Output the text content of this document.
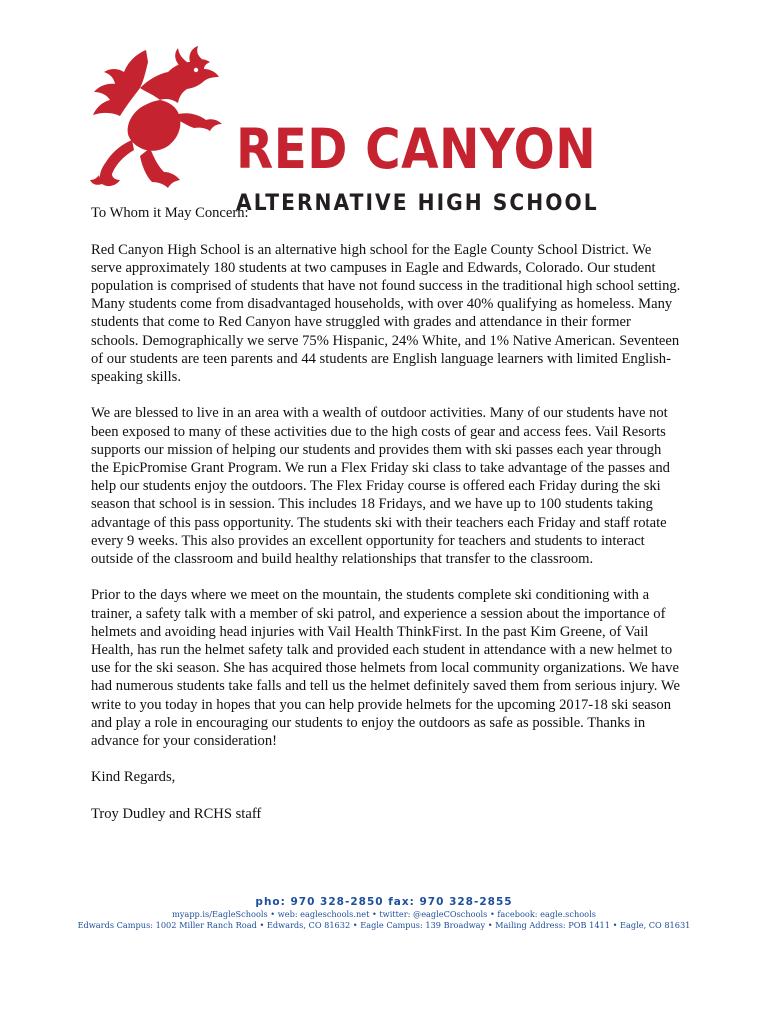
RED CANYON
ALTERNATIVE HIGH SCHOOL

To Whom it May Concern:

Red Canyon High School is an alternative high school for the Eagle County School District. We serve approximately 180 students at two campuses in Eagle and Edwards, Colorado. Our student population is comprised of students that have not found success in the traditional high school setting. Many students come from disadvantaged households, with over 40% qualifying as homeless. Many students that come to Red Canyon have struggled with grades and attendance in their former schools. Demographically we serve 75% Hispanic, 24% White, and 1% Native American. Seventeen of our students are teen parents and 44 students are English language learners with limited English-speaking skills.

We are blessed to live in an area with a wealth of outdoor activities. Many of our students have not been exposed to many of these activities due to the high costs of gear and access fees. Vail Resorts supports our mission of helping our students and provides them with ski passes each year through the EpicPromise Grant Program. We run a Flex Friday ski class to take advantage of the passes and help our students enjoy the outdoors. The Flex Friday course is offered each Friday during the ski season that school is in session. This includes 18 Fridays, and we have up to 100 students taking advantage of this pass opportunity. The students ski with their teachers each Friday and staff rotate every 9 weeks. This also provides an excellent opportunity for teachers and students to interact outside of the classroom and build healthy relationships that transfer to the classroom.

Prior to the days where we meet on the mountain, the students complete ski conditioning with a trainer, a safety talk with a member of ski patrol, and experience a session about the importance of helmets and avoiding head injuries with Vail Health ThinkFirst. In the past Kim Greene, of Vail Health, has run the helmet safety talk and provided each student in attendance with a new helmet to use for the ski season. She has acquired those helmets from local community organizations. We have had numerous students take falls and tell us the helmet definitely saved them from serious injury. We write to you today in hopes that you can help provide helmets for the upcoming 2017-18 ski season and play a role in encouraging our students to enjoy the outdoors as safe as possible. Thanks in advance for your consideration!

Kind Regards,

Troy Dudley and RCHS staff

pho: 970 328-2850 fax: 970 328-2855
myapp.is/EagleSchools • web: eagleschools.net • twitter: @eagleCOschools • facebook: eagle.schools
Edwards Campus: 1002 Miller Ranch Road • Edwards, CO 81632 • Eagle Campus: 139 Broadway • Mailing Address: POB 1411 • Eagle, CO 81631
